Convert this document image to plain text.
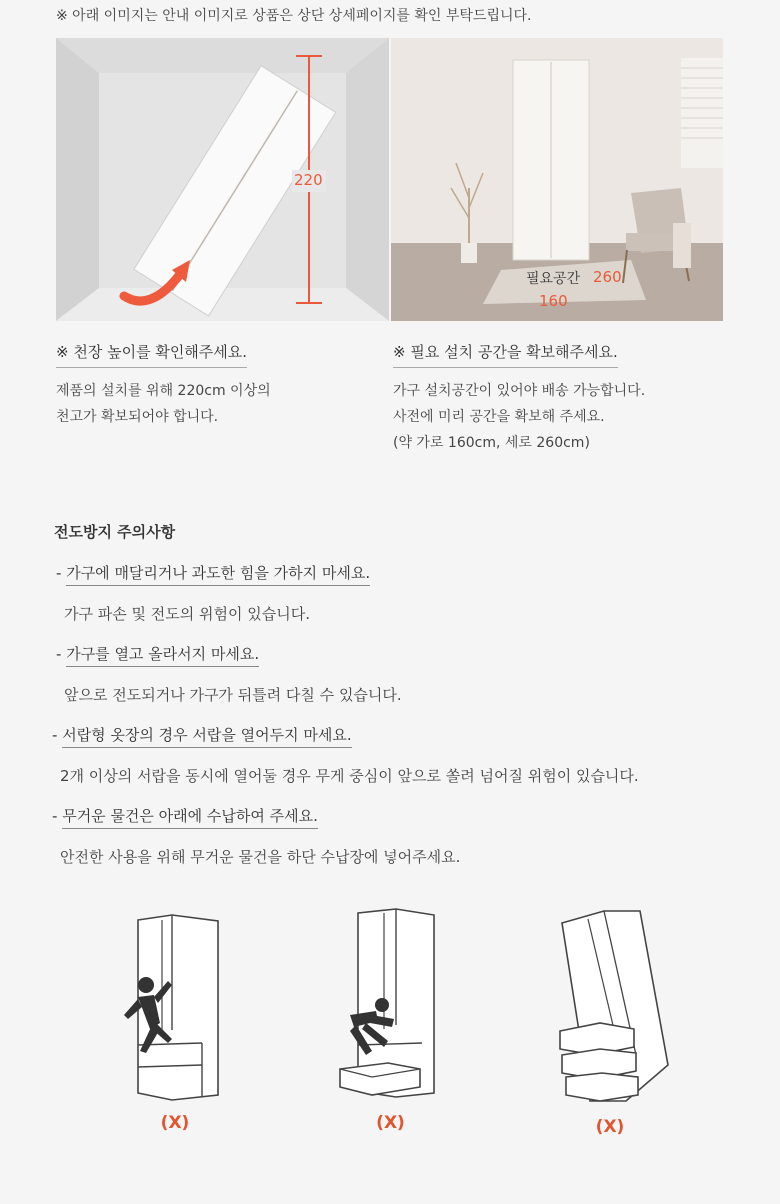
※ 아래 이미지는 안내 이미지로 상품은 상단 상세페이지를 확인 부탁드립니다.
220
필요공간 260
160
※ 천장 높이를 확인해주세요.
제품의 설치를 위해 220cm 이상의
천고가 확보되어야 합니다.
※ 필요 설치 공간을 확보해주세요.
가구 설치공간이 있어야 배송 가능합니다.
사전에 미리 공간을 확보해 주세요.
(약 가로 160cm, 세로 260cm)
전도방지 주의사항
- 가구에 매달리거나 과도한 힘을 가하지 마세요.
가구 파손 및 전도의 위험이 있습니다.
- 가구를 열고 올라서지 마세요.
앞으로 전도되거나 가구가 뒤틀려 다칠 수 있습니다.
- 서랍형 옷장의 경우 서랍을 열어두지 마세요.
2개 이상의 서랍을 동시에 열어둘 경우 무게 중심이 앞으로 쏠려 넘어질 위험이 있습니다.
- 무거운 물건은 아래에 수납하여 주세요.
안전한 사용을 위해 무거운 물건을 하단 수납장에 넣어주세요.
(X)	(X)	(X)
